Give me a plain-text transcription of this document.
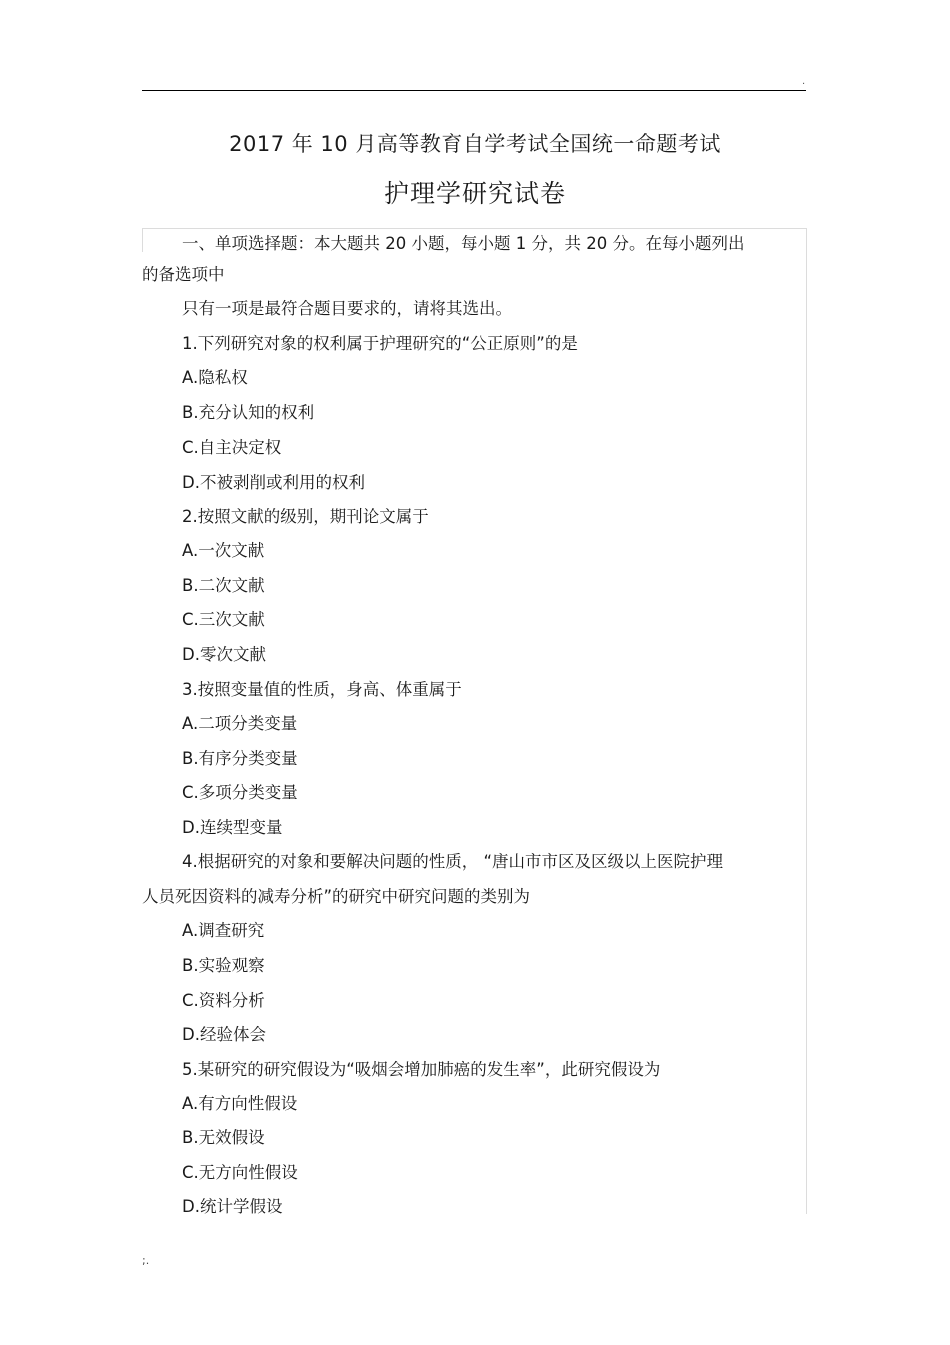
.
2017 年 10 月高等教育自学考试全国统一命题考试
护理学研究试卷
一、单项选择题：本大题共 20 小题，每小题 1 分，共 20 分。在每小题列出
的备选项中
只有一项是最符合题目要求的，请将其选出。
1.下列研究对象的权利属于护理研究的“公正原则”的是
A.隐私权
B.充分认知的权利
C.自主决定权
D.不被剥削或利用的权利
2.按照文献的级别，期刊论文属于
A.一次文献
B.二次文献
C.三次文献
D.零次文献
3.按照变量值的性质，身高、体重属于
A.二项分类变量
B.有序分类变量
C.多项分类变量
D.连续型变量
4.根据研究的对象和要解决问题的性质， “唐山市市区及区级以上医院护理
人员死因资料的减寿分析”的研究中研究问题的类别为
A.调查研究
B.实验观察
C.资料分析
D.经验体会
5.某研究的研究假设为“吸烟会增加肺癌的发生率”，此研究假设为
A.有方向性假设
B.无效假设
C.无方向性假设
D.统计学假设
;.
